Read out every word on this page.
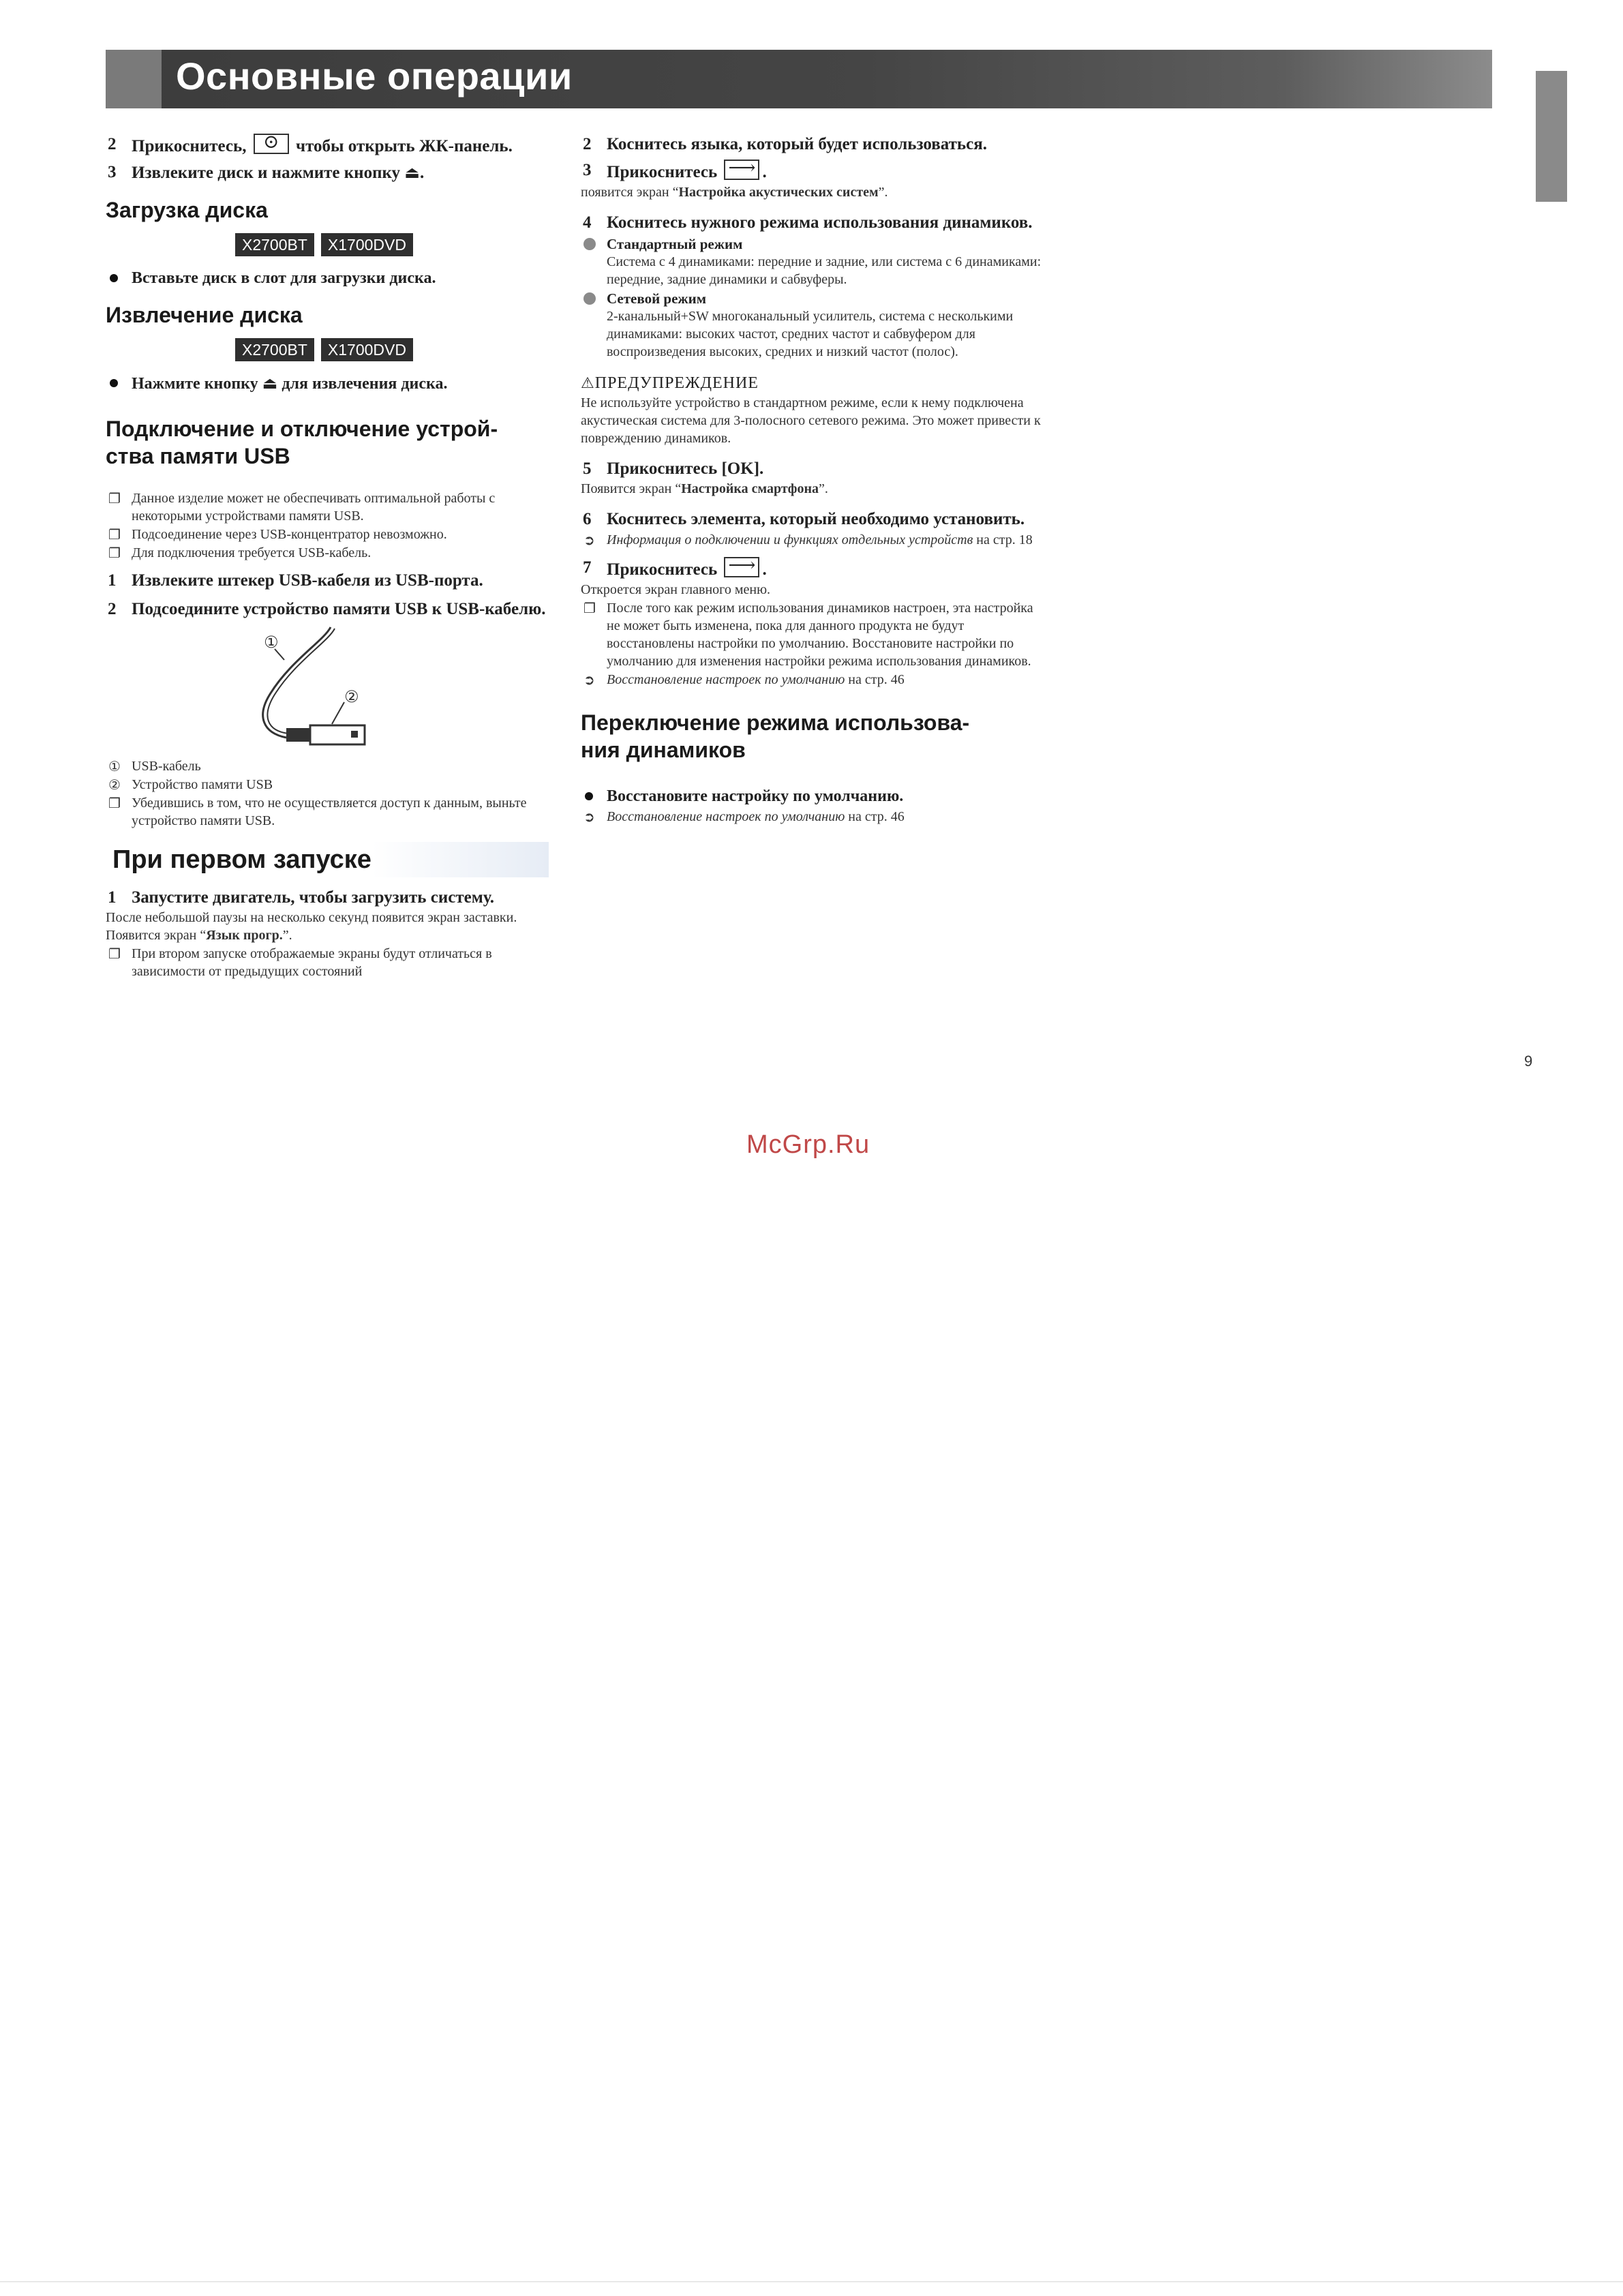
Основные операции
2 Прикоснитесь, ⊙ чтобы открыть ЖК-панель.
3 Извлеките диск и нажмите кнопку ⏏.
Загрузка диска
X2700BT X1700DVD
Вставьте диск в слот для загрузки диска.
Извлечение диска
X2700BT X1700DVD
Нажмите кнопку ⏏ для извлечения диска.
Подключение и отключение устрой-
ства памяти USB
❐ Данное изделие может не обеспечивать оптимальной работы с некоторыми устройствами памяти USB.
❐ Подсоединение через USB-концентратор невозможно.
❐ Для подключения требуется USB-кабель.
1 Извлеките штекер USB-кабеля из USB-порта.
2 Подсоедините устройство памяти USB к USB-кабелю.
①
②
① USB-кабель
② Устройство памяти USB
❐ Убедившись в том, что не осуществляется доступ к данным, выньте устройство памяти USB.
При первом запуске
1 Запустите двигатель, чтобы загрузить систему.
После небольшой паузы на несколько секунд появится экран заставки.
Появится экран “Язык прогр.”.
❐ При втором запуске отображаемые экраны будут отличаться в зависимости от предыдущих состояний
2 Коснитесь языка, который будет использоваться.
3 Прикоснитесь ⟶ .
появится экран “Настройка акустических систем”.
4 Коснитесь нужного режима использования динамиков.
Стандартный режим
Система с 4 динамиками: передние и задние, или система с 6 динамиками: передние, задние динамики и сабвуферы.
Сетевой режим
2-канальный+SW многоканальный усилитель, система с несколькими динамиками: высоких частот, средних частот и сабвуфером для воспроизведения высоких, средних и низкий частот (полос).
⚠ПРЕДУПРЕЖДЕНИЕ
Не используйте устройство в стандартном режиме, если к нему подключена акустическая система для 3-полосного сетевого режима. Это может привести к повреждению динамиков.
5 Прикоснитесь [OK].
Появится экран “Настройка смартфона”.
6 Коснитесь элемента, который необходимо установить.
➲ Информация о подключении и функциях отдельных устройств на стр. 18
7 Прикоснитесь ⟶ .
Откроется экран главного меню.
❐ После того как режим использования динамиков настроен, эта настройка не может быть изменена, пока для данного продукта не будут восстановлены настройки по умолчанию. Восстановите настройки по умолчанию для изменения настройки режима использования динамиков.
➲ Восстановление настроек по умолчанию на стр. 46
Переключение режима использова-
ния динамиков
Восстановите настройку по умолчанию.
➲ Восстановление настроек по умолчанию на стр. 46
9
McGrp.Ru
